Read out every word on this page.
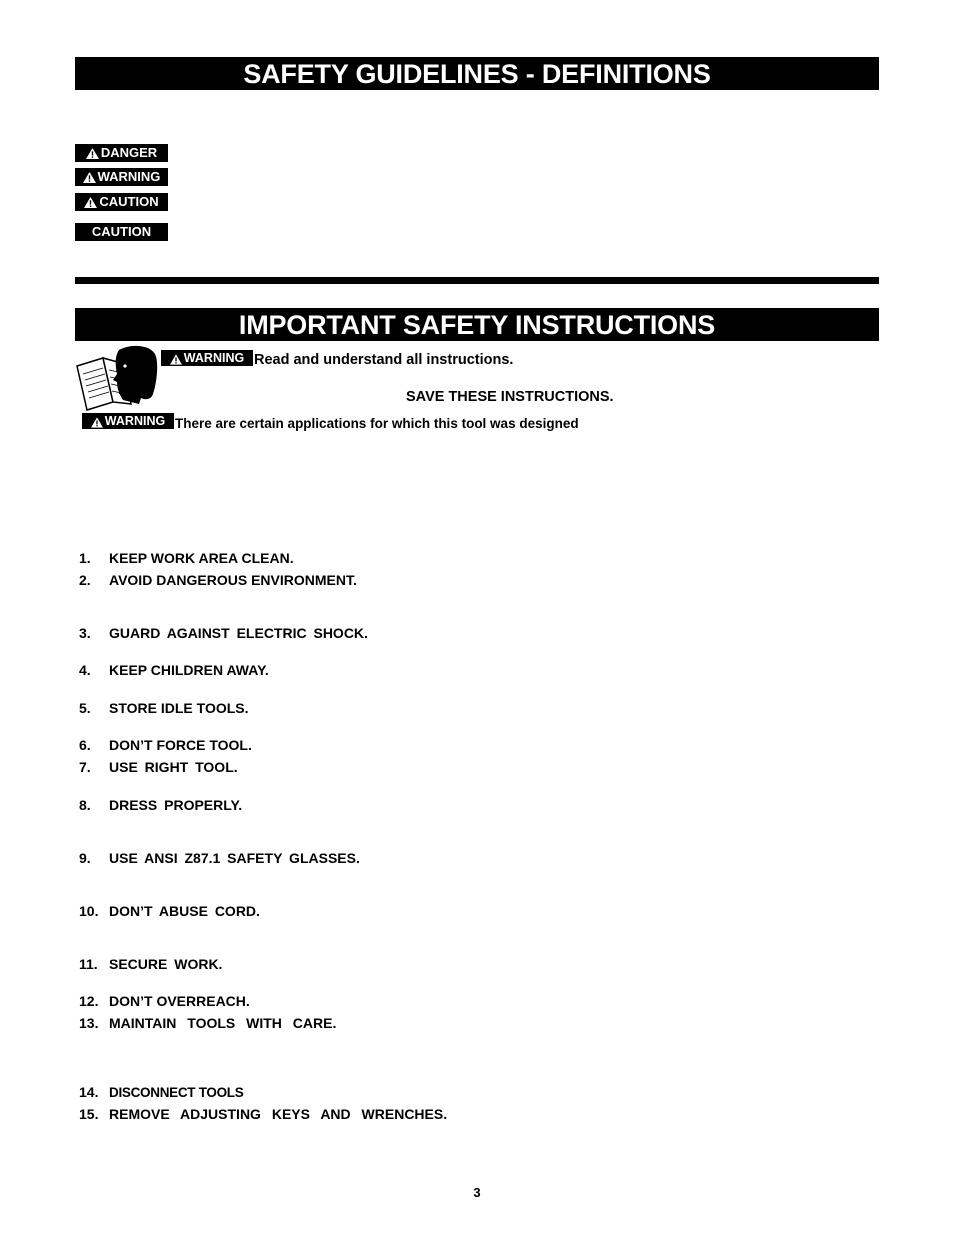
SAFETY GUIDELINES - DEFINITIONS
DANGER
WARNING
CAUTION
CAUTION
IMPORTANT SAFETY INSTRUCTIONS
WARNING Read and understand all instructions.
SAVE THESE INSTRUCTIONS.
WARNING There are certain applications for which this tool was designed
1. KEEP WORK AREA CLEAN.
2. AVOID DANGEROUS ENVIRONMENT.
3. GUARD AGAINST ELECTRIC SHOCK.
4. KEEP CHILDREN AWAY.
5. STORE IDLE TOOLS.
6. DON’T FORCE TOOL.
7. USE RIGHT TOOL.
8. DRESS PROPERLY.
9. USE ANSI Z87.1 SAFETY GLASSES.
10. DON’T ABUSE CORD.
11. SECURE WORK.
12. DON’T OVERREACH.
13. MAINTAIN TOOLS WITH CARE.
14. DISCONNECT TOOLS
15. REMOVE ADJUSTING KEYS AND WRENCHES.
3
